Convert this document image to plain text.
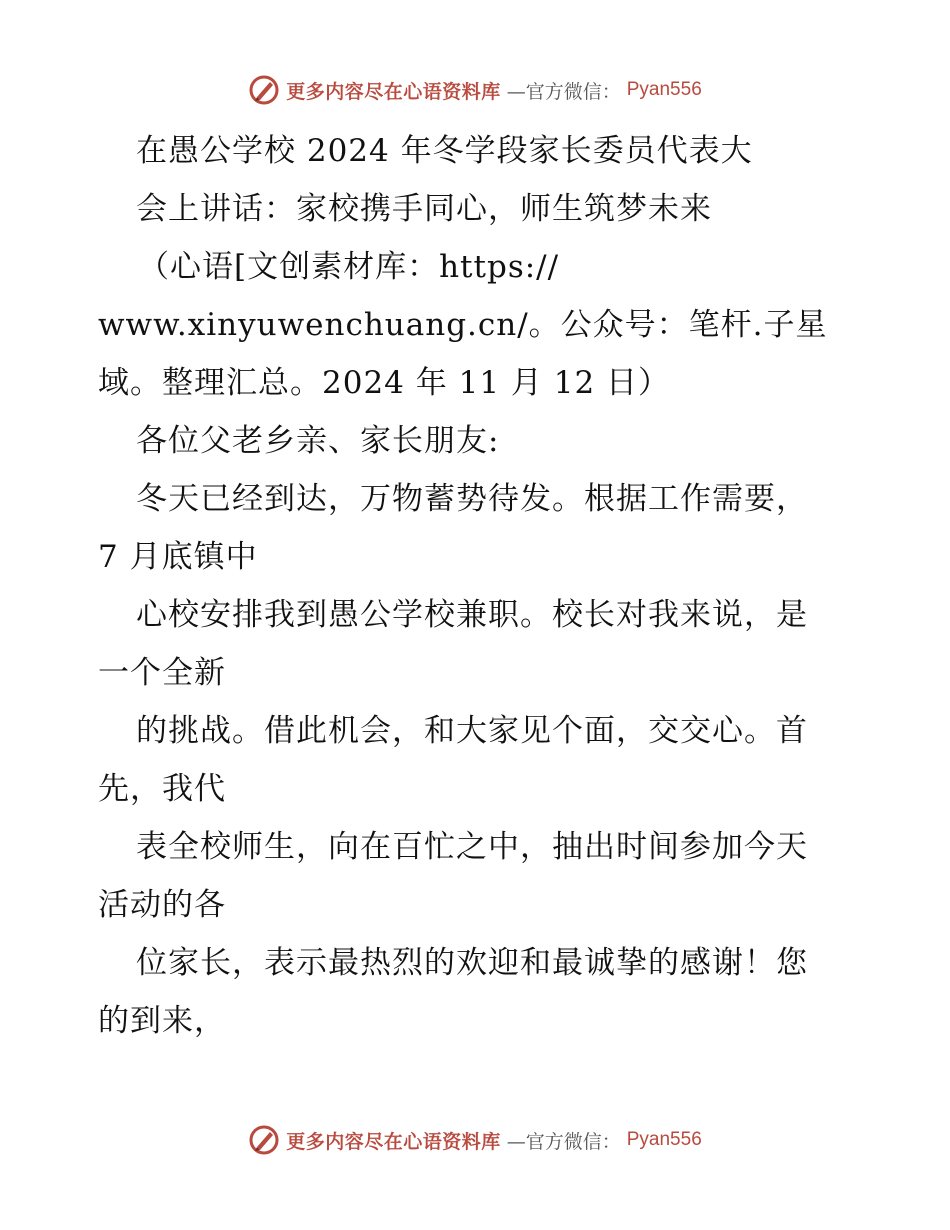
更多内容尽在心语资料库 —官方微信： Pyan556
在愚公学校 2024 年冬学段家长委员代表大
会上讲话：家校携手同心，师生筑梦未来
（心语[文创素材库：https://
www.xinyuwenchuang.cn/。公众号：笔杆.子星
域。整理汇总。2024 年 11 月 12 日）
各位父老乡亲、家长朋友:
冬天已经到达，万物蓄势待发。根据工作需要，
7 月底镇中
心校安排我到愚公学校兼职。校长对我来说，是
一个全新
的挑战。借此机会，和大家见个面，交交心。首
先，我代
表全校师生，向在百忙之中，抽出时间参加今天
活动的各
位家长，表示最热烈的欢迎和最诚挚的感谢！您
的到来，
更多内容尽在心语资料库 —官方微信： Pyan556
